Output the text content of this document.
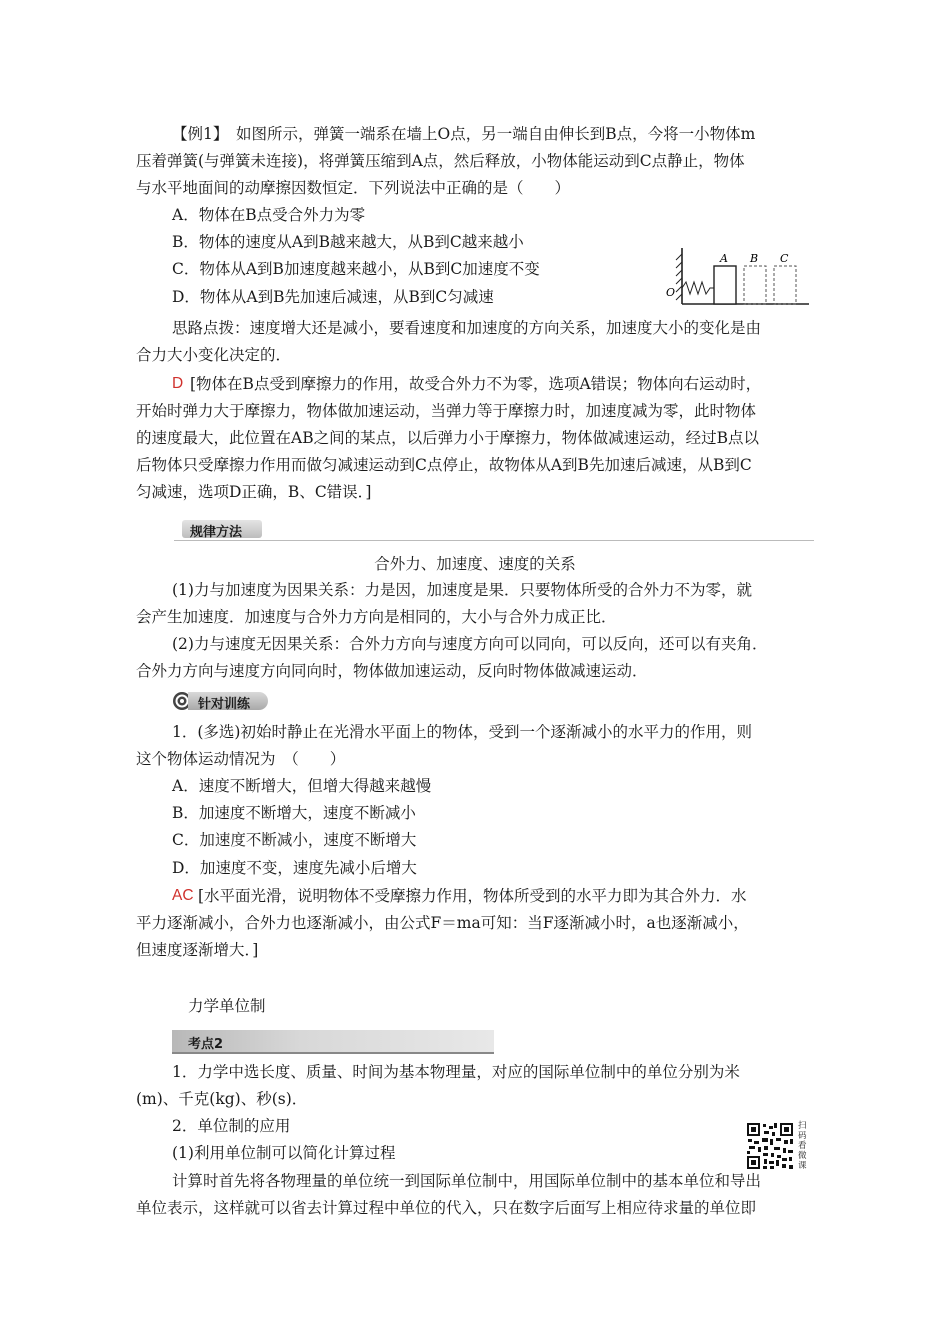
【例1】 如图所示，弹簧一端系在墙上O点，另一端自由伸长到B点，今将一小物体m
压着弹簧(与弹簧未连接)，将弹簧压缩到A点，然后释放，小物体能运动到C点静止，物体
与水平地面间的动摩擦因数恒定．下列说法中正确的是（　　）
A．物体在B点受合外力为零
B．物体的速度从A到B越来越大，从B到C越来越小
C．物体从A到B加速度越来越小，从B到C加速度不变
D．物体从A到B先加速后减速，从B到C匀减速	O
A B C
思路点拨：速度增大还是减小，要看速度和加速度的方向关系，加速度大小的变化是由
合力大小变化决定的．
D [物体在B点受到摩擦力的作用，故受合外力不为零，选项A错误；物体向右运动时，
开始时弹力大于摩擦力，物体做加速运动，当弹力等于摩擦力时，加速度减为零，此时物体
的速度最大，此位置在AB之间的某点，以后弹力小于摩擦力，物体做减速运动，经过B点以
后物体只受摩擦力作用而做匀减速运动到C点停止，故物体从A到B先加速后减速，从B到C
匀减速，选项D正确，B、C错误．]
规律方法
合外力、加速度、速度的关系
(1)力与加速度为因果关系：力是因，加速度是果．只要物体所受的合外力不为零，就
会产生加速度．加速度与合外力方向是相同的，大小与合外力成正比．
(2)力与速度无因果关系：合外力方向与速度方向可以同向，可以反向，还可以有夹角．
合外力方向与速度方向同向时，物体做加速运动，反向时物体做减速运动．
针对训练
1．(多选)初始时静止在光滑水平面上的物体，受到一个逐渐减小的水平力的作用，则
这个物体运动情况为　（　　）
A．速度不断增大，但增大得越来越慢
B．加速度不断增大，速度不断减小
C．加速度不断减小，速度不断增大
D．加速度不变，速度先减小后增大
AC [水平面光滑，说明物体不受摩擦力作用，物体所受到的水平力即为其合外力．水
平力逐渐减小，合外力也逐渐减小，由公式F＝ma可知：当F逐渐减小时，a也逐渐减小，
但速度逐渐增大．]
力学单位制
考点2
1．力学中选长度、质量、时间为基本物理量，对应的国际单位制中的单位分别为米
(m)、千克(kg)、秒(s)．
2．单位制的应用
(1)利用单位制可以简化计算过程
计算时首先将各物理量的单位统一到国际单位制中，用国际单位制中的基本单位和导出
单位表示，这样就可以省去计算过程中单位的代入，只在数字后面写上相应待求量的单位即
扫码看微课
